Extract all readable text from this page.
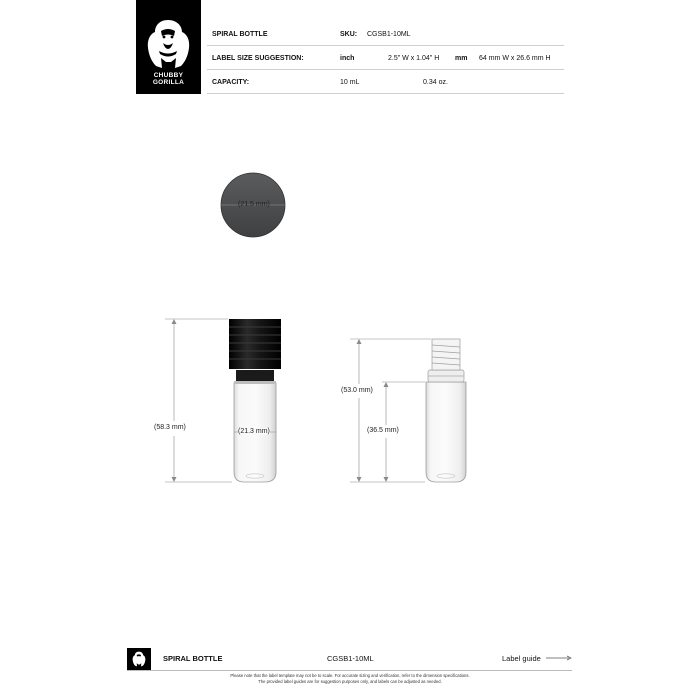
CHUBBY
GORILLA
SPIRAL BOTTLE	SKU: CGSB1-10ML
LABEL SIZE SUGGESTION:	inch	2.5" W x 1.04" H mm 64 mm W x 26.6 mm H
CAPACITY:	10 mL	0.34 oz.
(21.5 mm)
(58.3 mm)
(21.3 mm)
(53.0 mm)
(36.5 mm)
SPIRAL BOTTLE	CGSB1-10ML	Label guide
Please note that the label template may not be to scale. For accurate sizing and verification, refer to the dimension specifications.
The provided label guides are for suggestion purposes only, and labels can be adjusted as needed.
